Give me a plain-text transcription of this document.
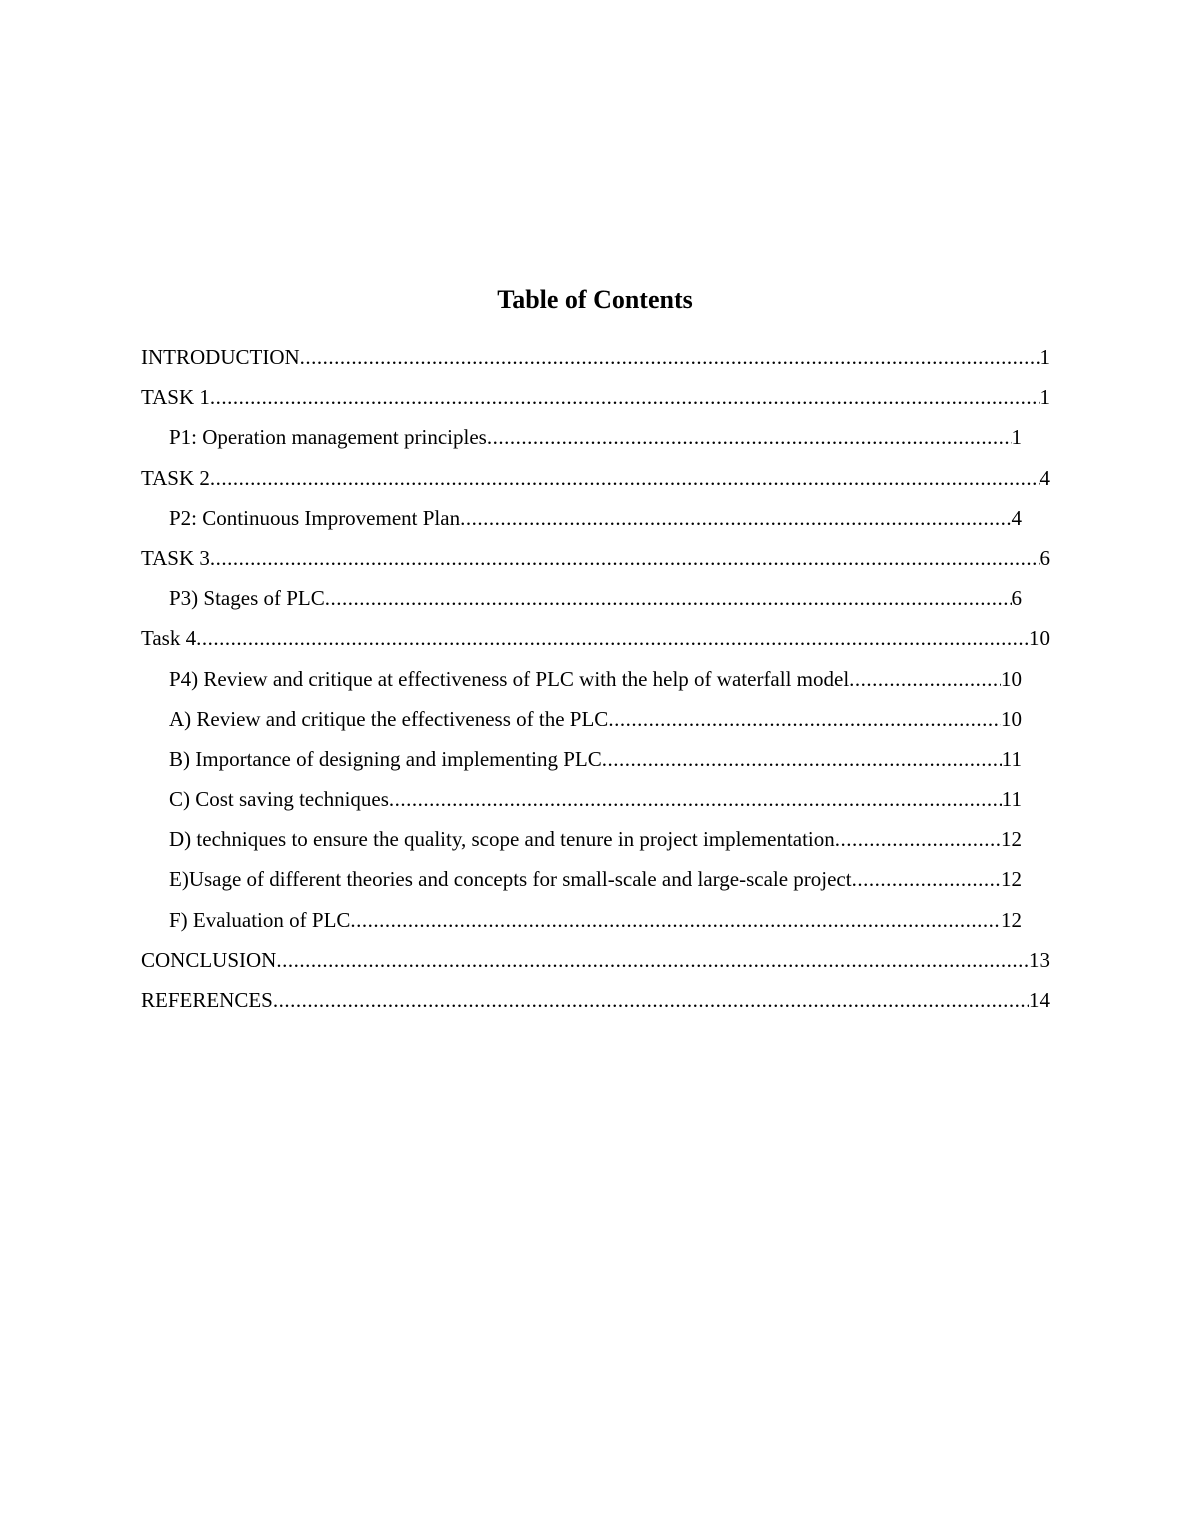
Table of Contents
INTRODUCTION .....	1
TASK 1 .....	1
P1: Operation management principles .....	1
TASK 2 .....	4
P2: Continuous Improvement Plan .....	4
TASK 3 .....	6
P3) Stages of PLC .....	6
Task 4 .....	10
P4) Review and critique at effectiveness of PLC with the help of waterfall model .....	10
A) Review and critique the effectiveness of the PLC .....	10
B) Importance of designing and implementing PLC .....	11
C) Cost saving techniques .....	11
D) techniques to ensure the quality, scope and tenure in project implementation .....	12
E)Usage of different theories and concepts for small-scale and large-scale project .....	12
F) Evaluation of PLC .....	12
CONCLUSION .....	13
REFERENCES .....	14
